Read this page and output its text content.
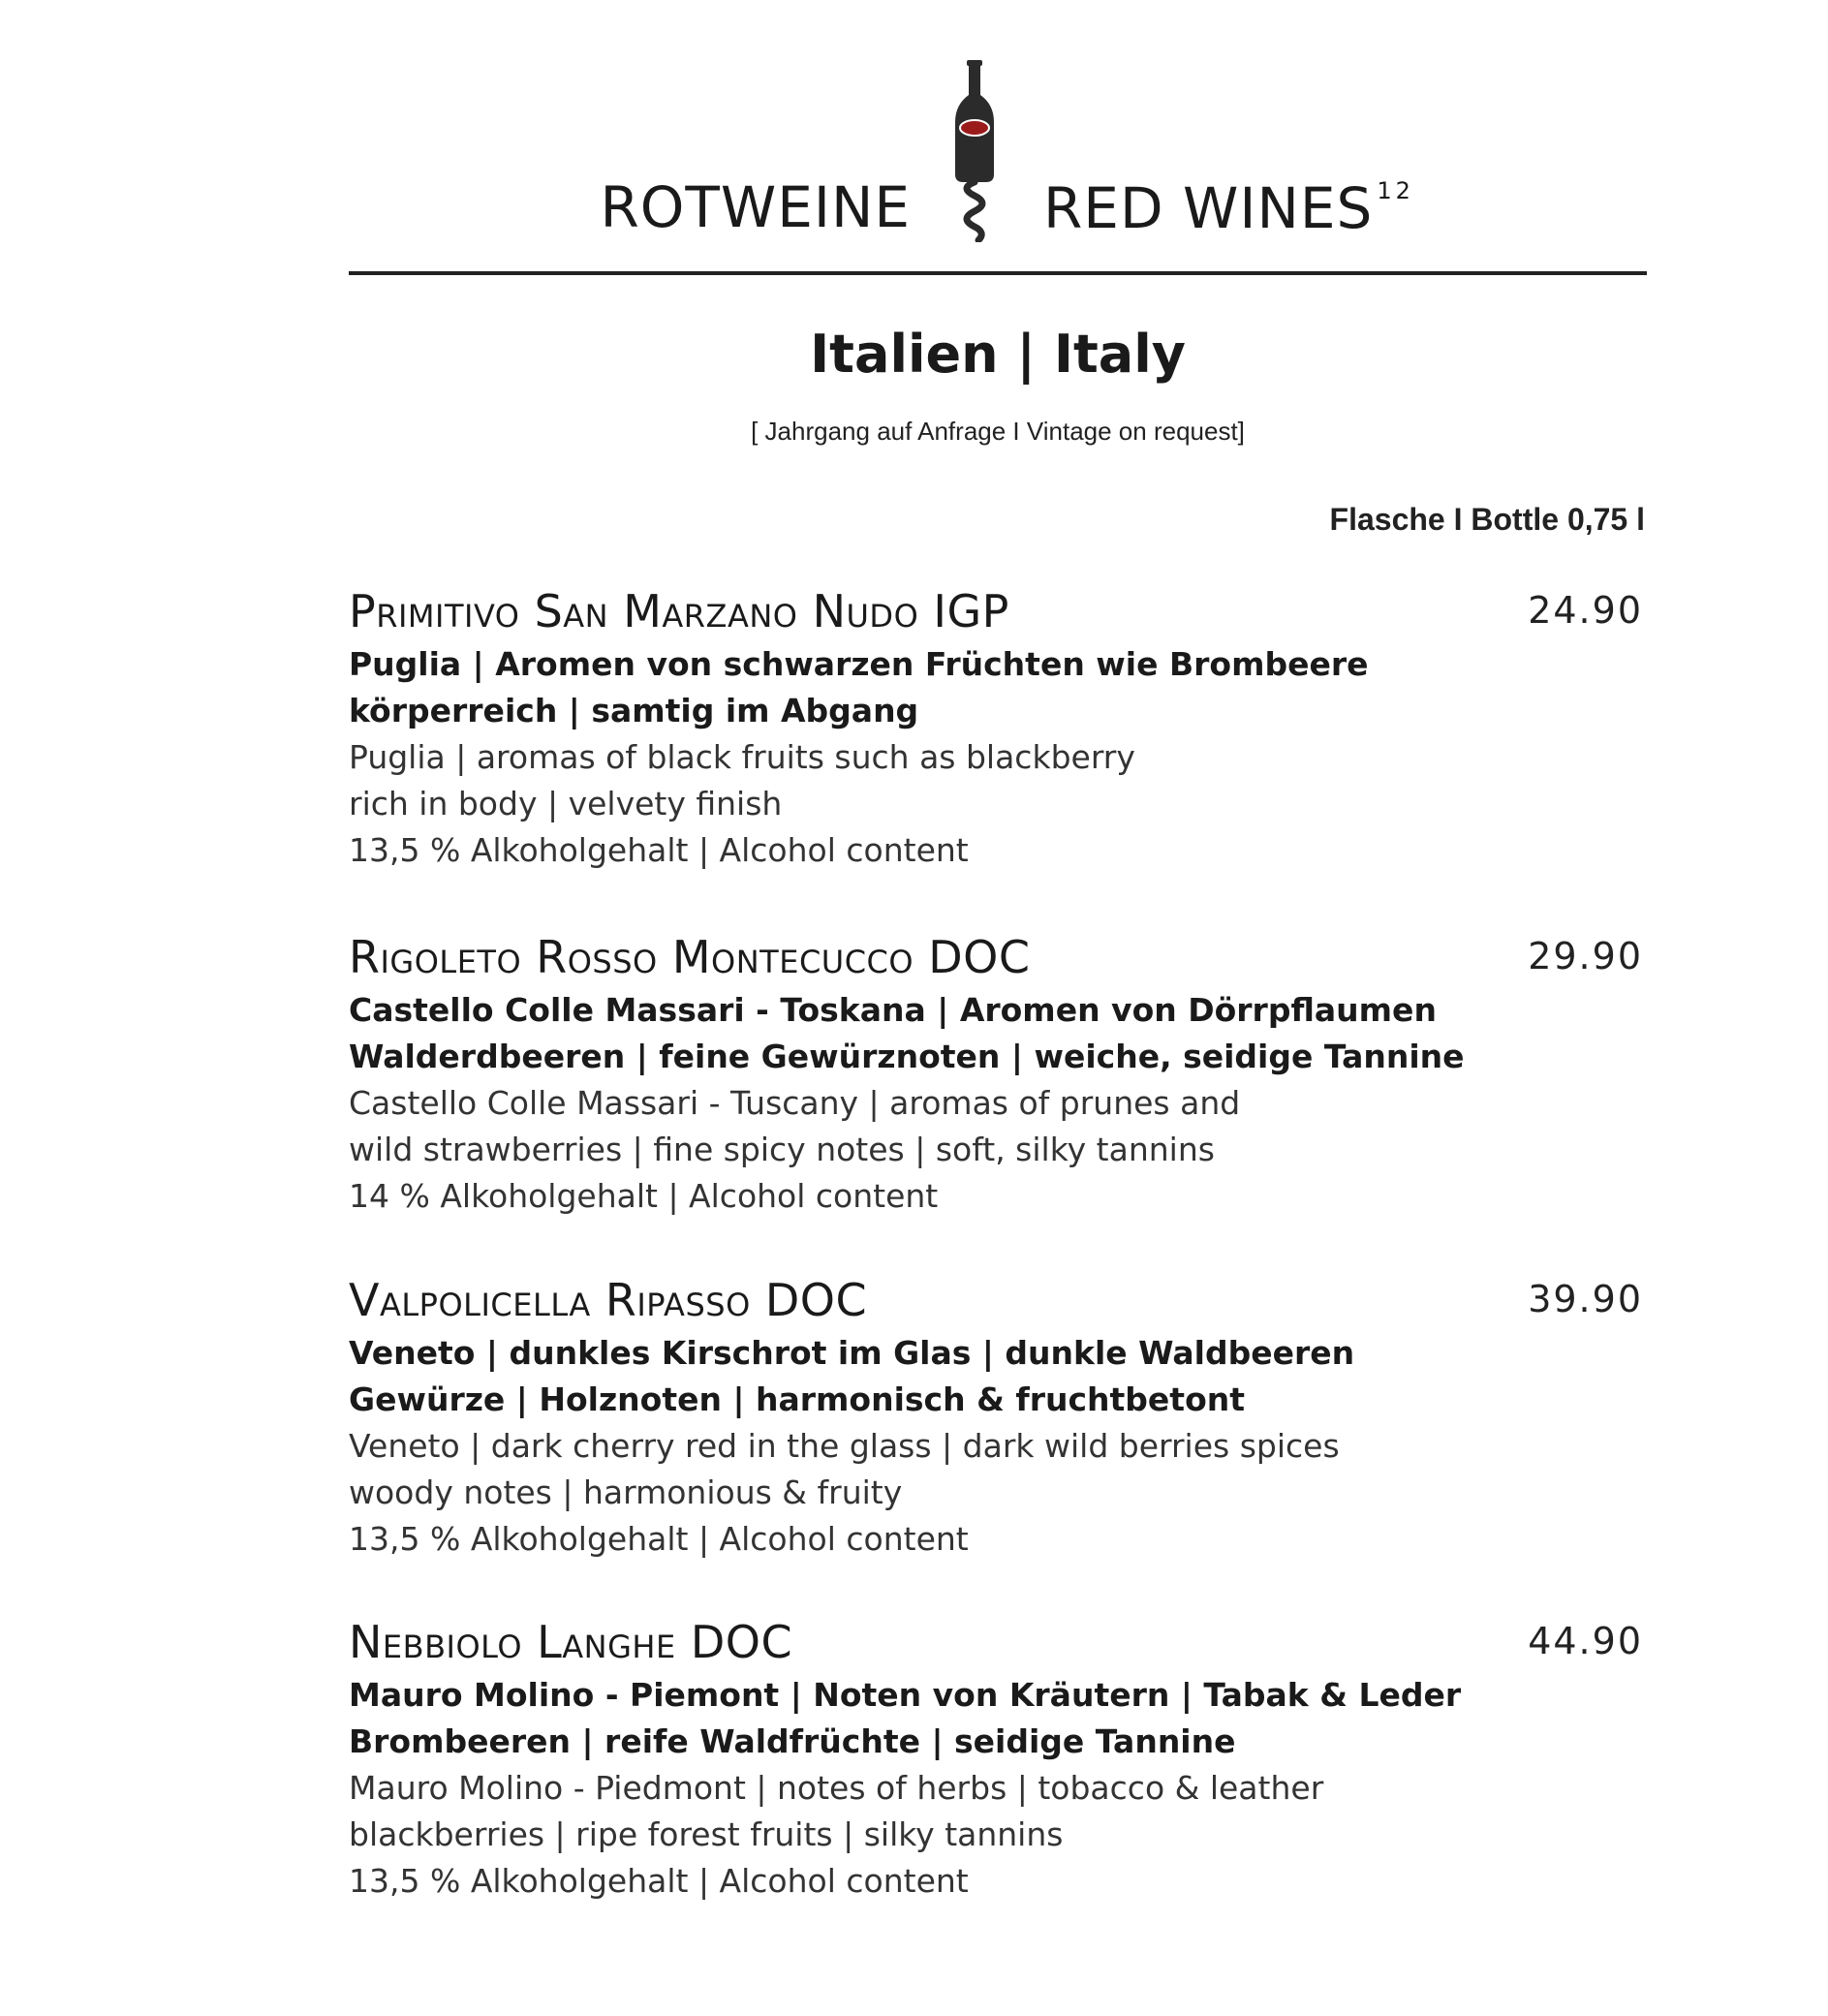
ROTWEINE RED WINES $^{12}$
Italien | Italy
[ Jahrgang auf Anfrage I Vintage on request]
Flasche I Bottle 0,75 l
Primitivo San Marzano Nudo IGP	24.90
Puglia | Aromen von schwarzen Früchten wie Brombeere
körperreich | samtig im Abgang
Puglia | aromas of black fruits such as blackberry
rich in body | velvety finish
13,5 % Alkoholgehalt | Alcohol content
Rigoleto Rosso Montecucco DOC	29.90
Castello Colle Massari - Toskana | Aromen von Dörrpflaumen
Walderdbeeren | feine Gewürznoten | weiche, seidige Tannine
Castello Colle Massari - Tuscany | aromas of prunes and
wild strawberries | fine spicy notes | soft, silky tannins
14 % Alkoholgehalt | Alcohol content
Valpolicella Ripasso DOC	39.90
Veneto | dunkles Kirschrot im Glas | dunkle Waldbeeren
Gewürze | Holznoten | harmonisch & fruchtbetont
Veneto | dark cherry red in the glass | dark wild berries spices
woody notes | harmonious & fruity
13,5 % Alkoholgehalt | Alcohol content
Nebbiolo Langhe DOC	44.90
Mauro Molino - Piemont | Noten von Kräutern | Tabak & Leder
Brombeeren | reife Waldfrüchte | seidige Tannine
Mauro Molino - Piedmont | notes of herbs | tobacco & leather
blackberries | ripe forest fruits | silky tannins
13,5 % Alkoholgehalt | Alcohol content
